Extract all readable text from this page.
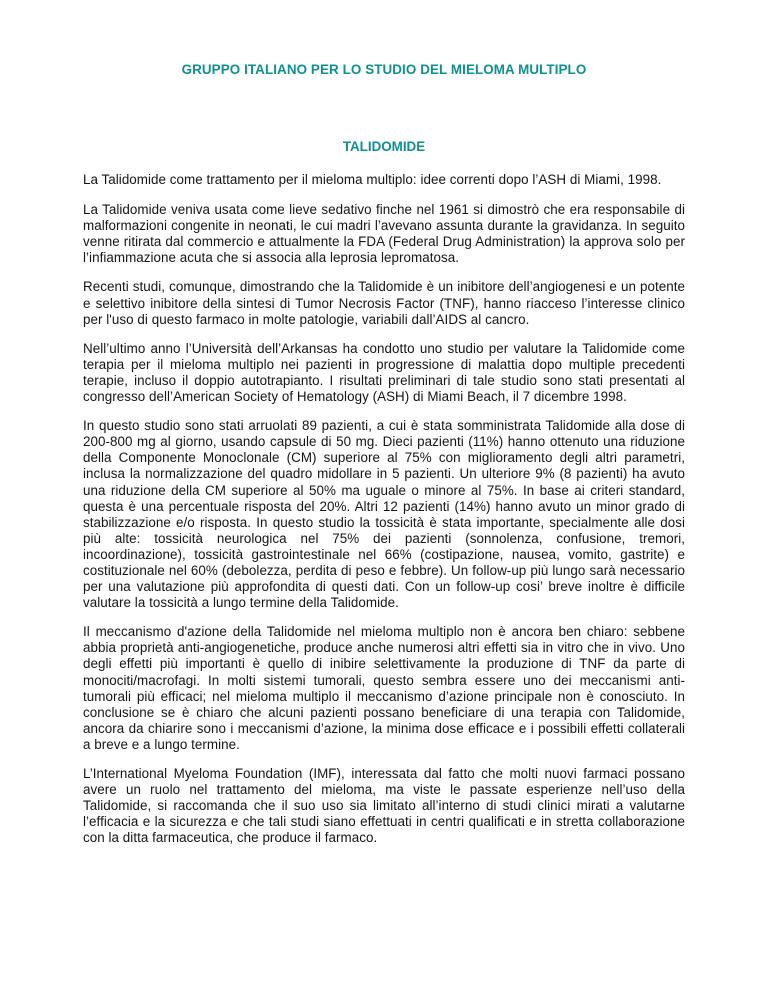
GRUPPO ITALIANO PER LO STUDIO DEL MIELOMA MULTIPLO
TALIDOMIDE

La Talidomide come trattamento per il mieloma multiplo: idee correnti dopo l’ASH di Miami, 1998.

La Talidomide veniva usata come lieve sedativo finche nel 1961 si dimostrò che era responsabile di malformazioni congenite in neonati, le cui madri l’avevano assunta durante la gravidanza. In seguito venne ritirata dal commercio e attualmente la FDA (Federal Drug Administration) la approva solo per l’infiammazione acuta che si associa alla leprosia lepromatosa.

Recenti studi, comunque, dimostrando che la Talidomide è un inibitore dell’angiogenesi e un potente e selettivo inibitore della sintesi di Tumor Necrosis Factor (TNF), hanno riacceso l’interesse clinico per l'uso di questo farmaco in molte patologie, variabili dall’AIDS al cancro.

Nell’ultimo anno l’Università dell’Arkansas ha condotto uno studio per valutare la Talidomide come terapia per il mieloma multiplo nei pazienti in progressione di malattia dopo multiple precedenti terapie, incluso il doppio autotrapianto. I risultati preliminari di tale studio sono stati presentati al congresso dell’American Society of Hematology (ASH) di Miami Beach, il 7 dicembre 1998.

In questo studio sono stati arruolati 89 pazienti, a cui è stata somministrata Talidomide alla dose di 200-800 mg al giorno, usando capsule di 50 mg. Dieci pazienti (11%) hanno ottenuto una riduzione della Componente Monoclonale (CM) superiore al 75% con miglioramento degli altri parametri, inclusa la normalizzazione del quadro midollare in 5 pazienti. Un ulteriore 9% (8 pazienti) ha avuto una riduzione della CM superiore al 50% ma uguale o minore al 75%. In base ai criteri standard, questa è una percentuale risposta del 20%. Altri 12 pazienti (14%) hanno avuto un minor grado di stabilizzazione e/o risposta. In questo studio la tossicità è stata importante, specialmente alle dosi più alte: tossicità neurologica nel 75% dei pazienti (sonnolenza, confusione, tremori, incoordinazione), tossicità gastrointestinale nel 66% (costipazione, nausea, vomito, gastrite) e costituzionale nel 60% (debolezza, perdita di peso e febbre). Un follow-up più lungo sarà necessario per una valutazione più approfondita di questi dati. Con un follow-up cosi’ breve inoltre è difficile valutare la tossicità a lungo termine della Talidomide.

Il meccanismo d'azione della Talidomide nel mieloma multiplo non è ancora ben chiaro: sebbene abbia proprietà anti-angiogenetiche, produce anche numerosi altri effetti sia in vitro che in vivo. Uno degli effetti più importanti è quello di inibire selettivamente la produzione di TNF da parte di monociti/macrofagi. In molti sistemi tumorali, questo sembra essere uno dei meccanismi anti-tumorali più efficaci; nel mieloma multiplo il meccanismo d’azione principale non è conosciuto. In conclusione se è chiaro che alcuni pazienti possano beneficiare di una terapia con Talidomide, ancora da chiarire sono i meccanismi d’azione, la minima dose efficace e i possibili effetti collaterali a breve e a lungo termine.

L’International Myeloma Foundation (IMF), interessata dal fatto che molti nuovi farmaci possano avere un ruolo nel trattamento del mieloma, ma viste le passate esperienze nell’uso della Talidomide, si raccomanda che il suo uso sia limitato all’interno di studi clinici mirati a valutarne l’efficacia e la sicurezza e che tali studi siano effettuati in centri qualificati e in stretta collaborazione con la ditta farmaceutica, che produce il farmaco.
